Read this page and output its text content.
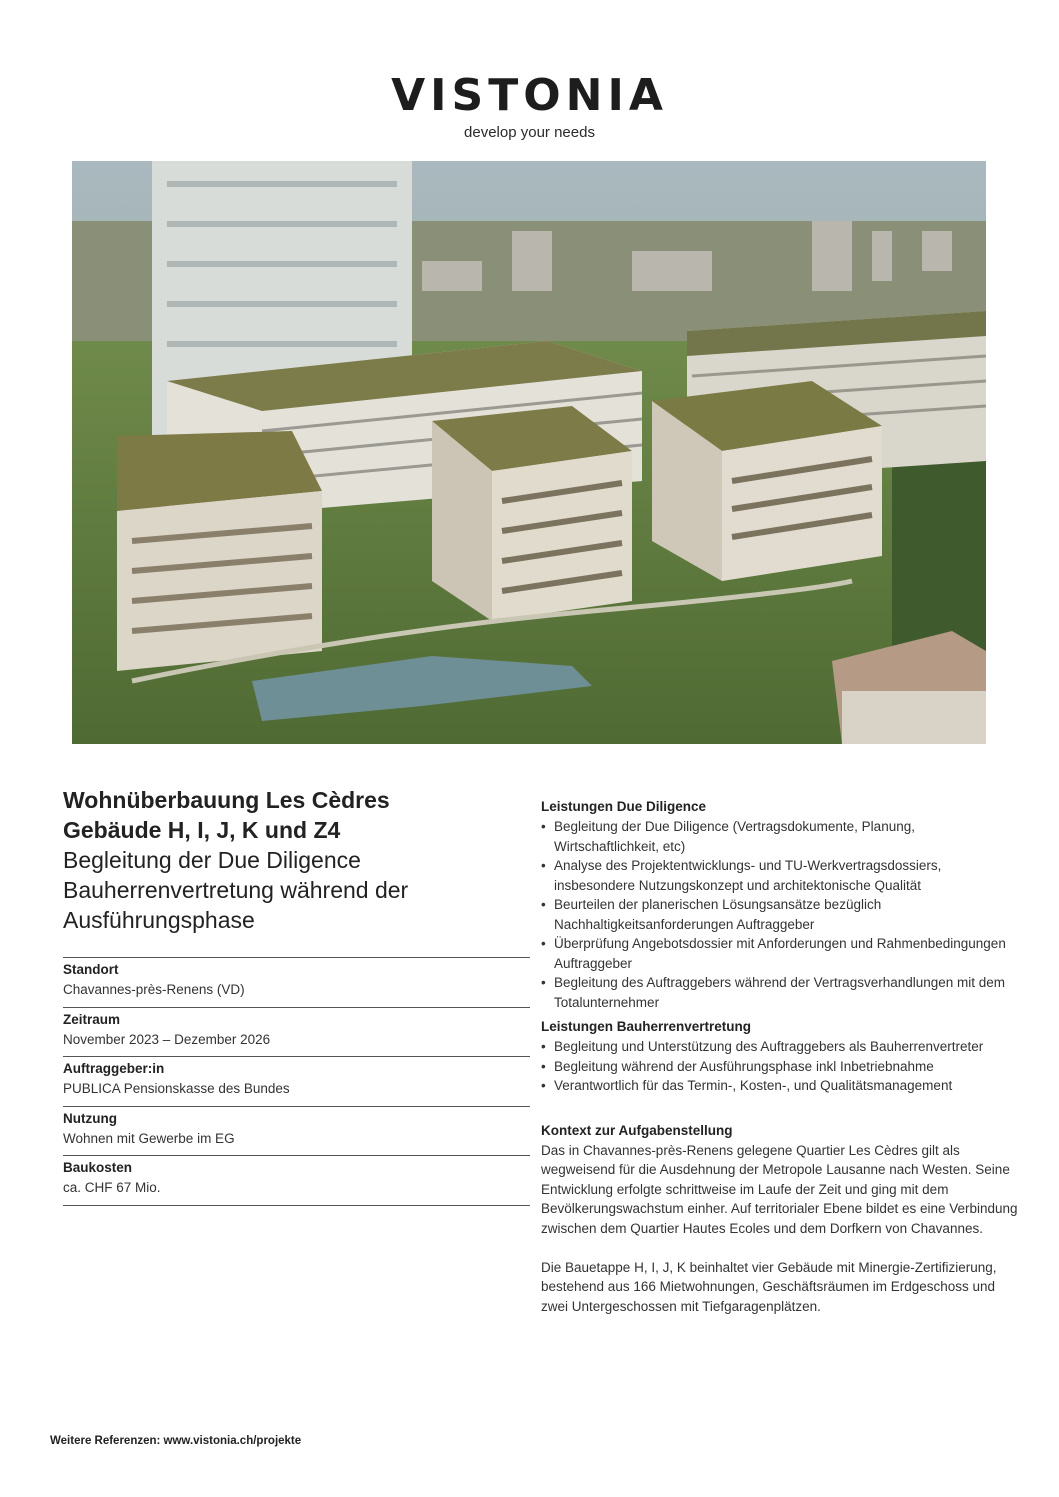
VISTONIA
develop your needs
Wohnüberbauung Les Cèdres
Gebäude H, I, J, K und Z4
Begleitung der Due Diligence
Bauherrenvertretung während der
Ausführungsphase
Standort
Chavannes-près-Renens (VD)
Zeitraum
November 2023 – Dezember 2026
Auftraggeber:in
PUBLICA Pensionskasse des Bundes
Nutzung
Wohnen mit Gewerbe im EG
Baukosten
ca. CHF 67 Mio.
Leistungen Due Diligence
• Begleitung der Due Diligence (Vertragsdokumente, Planung, Wirtschaftlichkeit, etc)
• Analyse des Projektentwicklungs- und TU-Werkvertragsdossiers, insbesondere Nutzungskonzept und architektonische Qualität
• Beurteilen der planerischen Lösungsansätze bezüglich Nachhaltigkeitsanforderungen Auftraggeber
• Überprüfung Angebotsdossier mit Anforderungen und Rahmenbedingungen Auftraggeber
• Begleitung des Auftraggebers während der Vertragsverhandlungen mit dem Totalunternehmer
Leistungen Bauherrenvertretung
• Begleitung und Unterstützung des Auftraggebers als Bauherrenvertreter
• Begleitung während der Ausführungsphase inkl Inbetriebnahme
• Verantwortlich für das Termin-, Kosten-, und Qualitätsmanagement
Kontext zur Aufgabenstellung

Das in Chavannes-près-Renens gelegene Quartier Les Cèdres gilt als wegweisend für die Ausdehnung der Metropole Lausanne nach Westen. Seine Entwicklung erfolgte schrittweise im Laufe der Zeit und ging mit dem Bevölkerungswachstum einher. Auf territorialer Ebene bildet es eine Verbindung zwischen dem Quartier Hautes Ecoles und dem Dorfkern von Chavannes.

Die Bauetappe H, I, J, K beinhaltet vier Gebäude mit Minergie-Zertifizierung, bestehend aus 166 Mietwohnungen, Geschäftsräumen im Erdgeschoss und zwei Untergeschossen mit Tiefgaragenplätzen.

Weitere Referenzen: www.vistonia.ch/projekte
